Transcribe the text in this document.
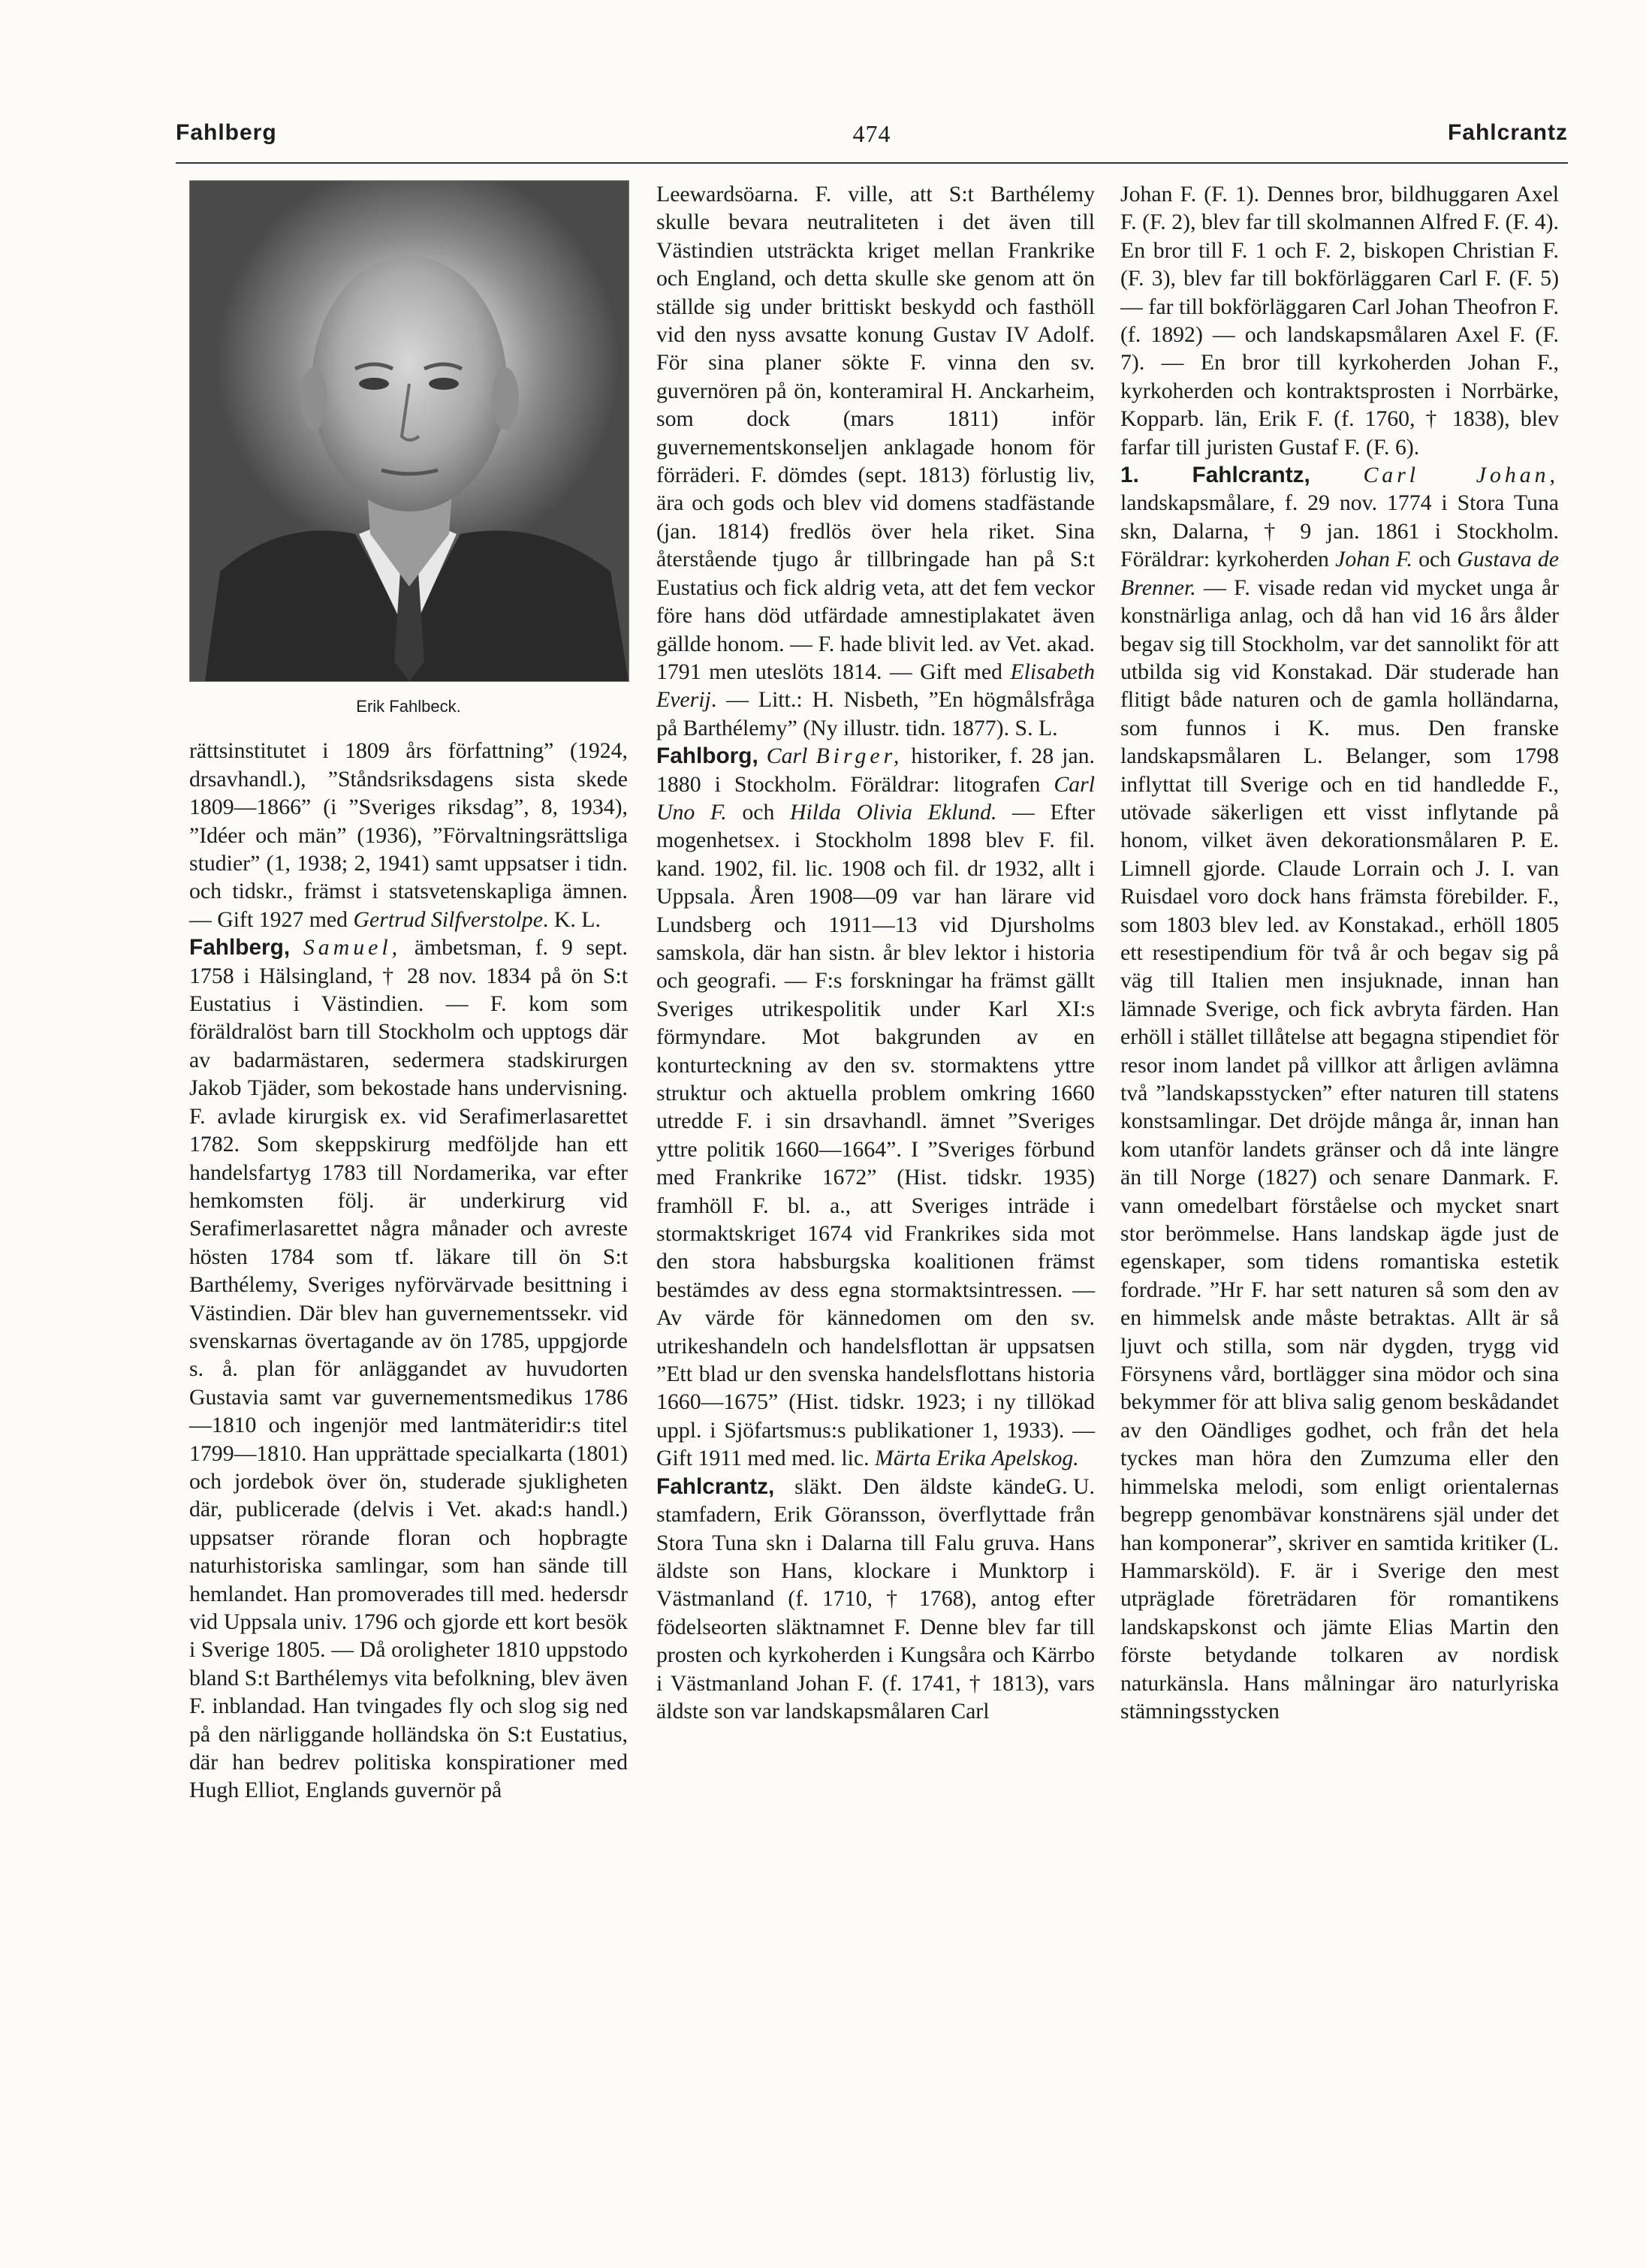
Fahlberg	474	Fahlcrantz
Erik Fahlbeck.

rättsinstitutet i 1809 års författning” (1924, drsavhandl.), ”Ståndsriksdagens sista skede 1809—1866” (i ”Sveriges riksdag”, 8, 1934), ”Idéer och män” (1936), ”Förvaltningsrättsliga studier” (1, 1938; 2, 1941) samt uppsatser i tidn. och tidskr., främst i statsvetenskapliga ämnen. — Gift 1927 med Gertrud Silfverstolpe. K. L.

Fahlberg, Samuel, ämbetsman, f. 9 sept. 1758 i Hälsingland, † 28 nov. 1834 på ön S:t Eustatius i Västindien. — F. kom som föräldralöst barn till Stockholm och upptogs där av badarmästaren, sedermera stadskirurgen Jakob Tjäder, som bekostade hans undervisning. F. avlade kirurgisk ex. vid Serafimerlasarettet 1782. Som skeppskirurg medföljde han ett handelsfartyg 1783 till Nordamerika, var efter hemkomsten följ. är underkirurg vid Serafimerlasarettet några månader och avreste hösten 1784 som tf. läkare till ön S:t Barthélemy, Sveriges nyförvärvade besittning i Västindien. Där blev han guvernementssekr. vid svenskarnas övertagande av ön 1785, uppgjorde s. å. plan för anläggandet av huvudorten Gustavia samt var guvernementsmedikus 1786—1810 och ingenjör med lantmäteridir:s titel 1799—1810. Han upprättade specialkarta (1801) och jordebok över ön, studerade sjukligheten där, publicerade (delvis i Vet. akad:s handl.) uppsatser rörande floran och hopbragte naturhistoriska samlingar, som han sände till hemlandet. Han promoverades till med. hedersdr vid Uppsala univ. 1796 och gjorde ett kort besök i Sverige 1805. — Då oroligheter 1810 uppstodo bland S:t Barthélemys vita befolkning, blev även F. inblandad. Han tvingades fly och slog sig ned på den närliggande holländska ön S:t Eustatius, där han bedrev politiska konspirationer med Hugh Elliot, Englands guvernör på

Leewardsöarna. F. ville, att S:t Barthélemy skulle bevara neutraliteten i det även till Västindien utsträckta kriget mellan Frankrike och England, och detta skulle ske genom att ön ställde sig under brittiskt beskydd och fasthöll vid den nyss avsatte konung Gustav IV Adolf. För sina planer sökte F. vinna den sv. guvernören på ön, konteramiral H. Anckarheim, som dock (mars 1811) inför guvernementskonseljen anklagade honom för förräderi. F. dömdes (sept. 1813) förlustig liv, ära och gods och blev vid domens stadfästande (jan. 1814) fredlös över hela riket. Sina återstående tjugo år tillbringade han på S:t Eustatius och fick aldrig veta, att det fem veckor före hans död utfärdade amnestiplakatet även gällde honom. — F. hade blivit led. av Vet. akad. 1791 men uteslöts 1814. — Gift med Elisabeth Everij. — Litt.: H. Nisbeth, ”En högmålsfråga på Barthélemy” (Ny illustr. tidn. 1877). S. L.

Fahlborg, Carl Birger, historiker, f. 28 jan. 1880 i Stockholm. Föräldrar: litografen Carl Uno F. och Hilda Olivia Eklund. — Efter mogenhetsex. i Stockholm 1898 blev F. fil. kand. 1902, fil. lic. 1908 och fil. dr 1932, allt i Uppsala. Åren 1908—09 var han lärare vid Lundsberg och 1911—13 vid Djursholms samskola, där han sistn. år blev lektor i historia och geografi. — F:s forskningar ha främst gällt Sveriges utrikespolitik under Karl XI:s förmyndare. Mot bakgrunden av en konturteckning av den sv. stormaktens yttre struktur och aktuella problem omkring 1660 utredde F. i sin drsavhandl. ämnet ”Sveriges yttre politik 1660—1664”. I ”Sveriges förbund med Frankrike 1672” (Hist. tidskr. 1935) framhöll F. bl. a., att Sveriges inträde i stormaktskriget 1674 vid Frankrikes sida mot den stora habsburgska koalitionen främst bestämdes av dess egna stormaktsintressen. — Av värde för kännedomen om den sv. utrikeshandeln och handelsflottan är uppsatsen ”Ett blad ur den svenska handelsflottans historia 1660—1675” (Hist. tidskr. 1923; i ny tillökad uppl. i Sjöfartsmus:s publikationer 1, 1933). — Gift 1911 med med. lic. Märta Erika Apelskog.
G. U.

Fahlcrantz, släkt. Den äldste kände stamfadern, Erik Göransson, överflyttade från Stora Tuna skn i Dalarna till Falu gruva. Hans äldste son Hans, klockare i Munktorp i Västmanland (f. 1710, † 1768), antog efter födelseorten släktnamnet F. Denne blev far till prosten och kyrkoherden i Kungsåra och Kärrbo i Västmanland Johan F. (f. 1741, † 1813), vars äldste son var landskapsmålaren Carl

Johan F. (F. 1). Dennes bror, bildhuggaren Axel F. (F. 2), blev far till skolmannen Alfred F. (F. 4). En bror till F. 1 och F. 2, biskopen Christian F. (F. 3), blev far till bokförläggaren Carl F. (F. 5) — far till bokförläggaren Carl Johan Theofron F. (f. 1892) — och landskapsmålaren Axel F. (F. 7). — En bror till kyrkoherden Johan F., kyrkoherden och kontraktsprosten i Norrbärke, Kopparb. län, Erik F. (f. 1760, † 1838), blev farfar till juristen Gustaf F. (F. 6).

1. Fahlcrantz, Carl Johan, landskapsmålare, f. 29 nov. 1774 i Stora Tuna skn, Dalarna, † 9 jan. 1861 i Stockholm. Föräldrar: kyrkoherden Johan F. och Gustava de Brenner. — F. visade redan vid mycket unga år konstnärliga anlag, och då han vid 16 års ålder begav sig till Stockholm, var det sannolikt för att utbilda sig vid Konstakad. Där studerade han flitigt både naturen och de gamla holländarna, som funnos i K. mus. Den franske landskapsmålaren L. Belanger, som 1798 inflyttat till Sverige och en tid handledde F., utövade säkerligen ett visst inflytande på honom, vilket även dekorationsmålaren P. E. Limnell gjorde. Claude Lorrain och J. I. van Ruisdael voro dock hans främsta förebilder. F., som 1803 blev led. av Konstakad., erhöll 1805 ett resestipendium för två år och begav sig på väg till Italien men insjuknade, innan han lämnade Sverige, och fick avbryta färden. Han erhöll i stället tillåtelse att begagna stipendiet för resor inom landet på villkor att årligen avlämna två ”landskapsstycken” efter naturen till statens konstsamlingar. Det dröjde många år, innan han kom utanför landets gränser och då inte längre än till Norge (1827) och senare Danmark. F. vann omedelbart förståelse och mycket snart stor berömmelse. Hans landskap ägde just de egenskaper, som tidens romantiska estetik fordrade. ”Hr F. har sett naturen så som den av en himmelsk ande måste betraktas. Allt är så ljuvt och stilla, som när dygden, trygg vid Försynens vård, bortlägger sina mödor och sina bekymmer för att bliva salig genom beskådandet av den Oändliges godhet, och från det hela tyckes man höra den Zumzuma eller den himmelska melodi, som enligt orientalernas begrepp genombävar konstnärens själ under det han komponerar”, skriver en samtida kritiker (L. Hammarsköld). F. är i Sverige den mest utpräglade företrädaren för romantikens landskapskonst och jämte Elias Martin den förste betydande tolkaren av nordisk naturkänsla. Hans målningar äro naturlyriska stämningsstycken
